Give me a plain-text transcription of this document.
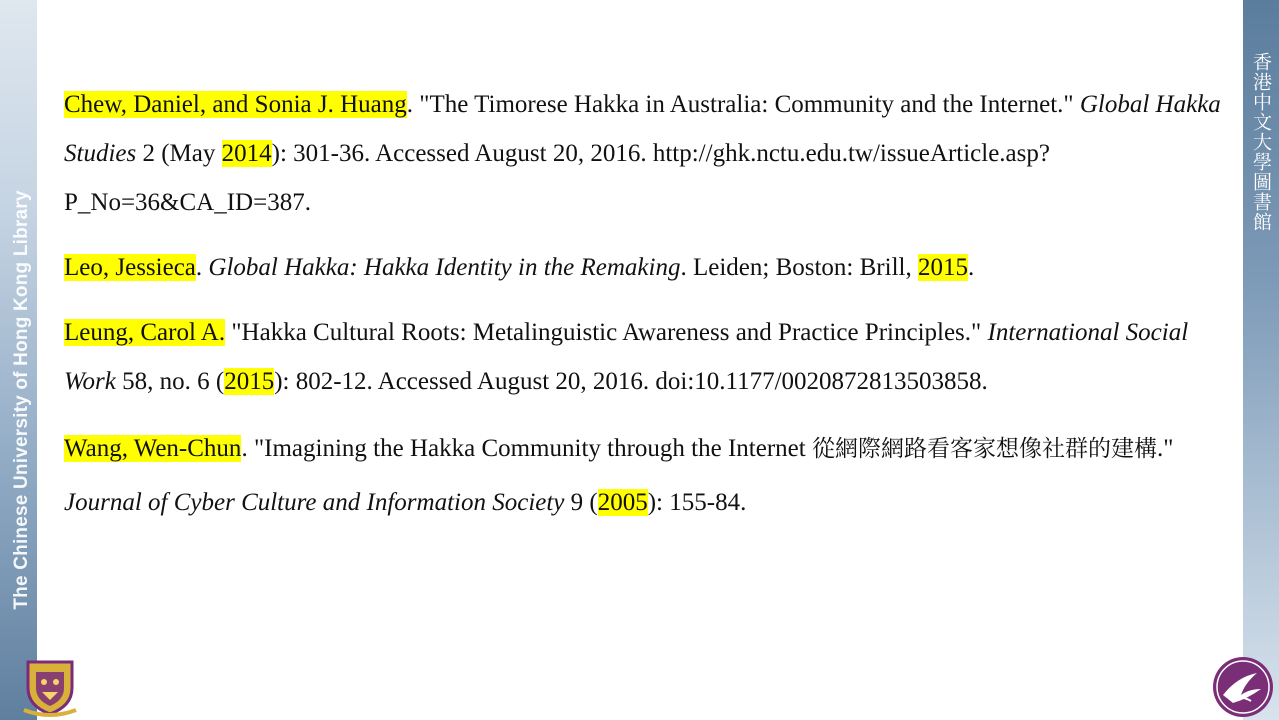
The Chinese University of Hong Kong Library
香港中文大學圖書館

Chew, Daniel, and Sonia J. Huang. "The Timorese Hakka in Australia: Community and the Internet." Global Hakka Studies 2 (May 2014): 301-36. Accessed August 20, 2016. http://ghk.nctu.edu.tw/issueArticle.asp?P_No=36&CA_ID=387.

Leo, Jessieca. Global Hakka: Hakka Identity in the Remaking. Leiden; Boston: Brill, 2015.

Leung, Carol A. "Hakka Cultural Roots: Metalinguistic Awareness and Practice Principles." International Social Work 58, no. 6 (2015): 802-12. Accessed August 20, 2016. doi:10.1177/0020872813503858.

Wang, Wen-Chun. "Imagining the Hakka Community through the Internet 從網際網路看客家想像社群的建構." Journal of Cyber Culture and Information Society 9 (2005): 155-84.
